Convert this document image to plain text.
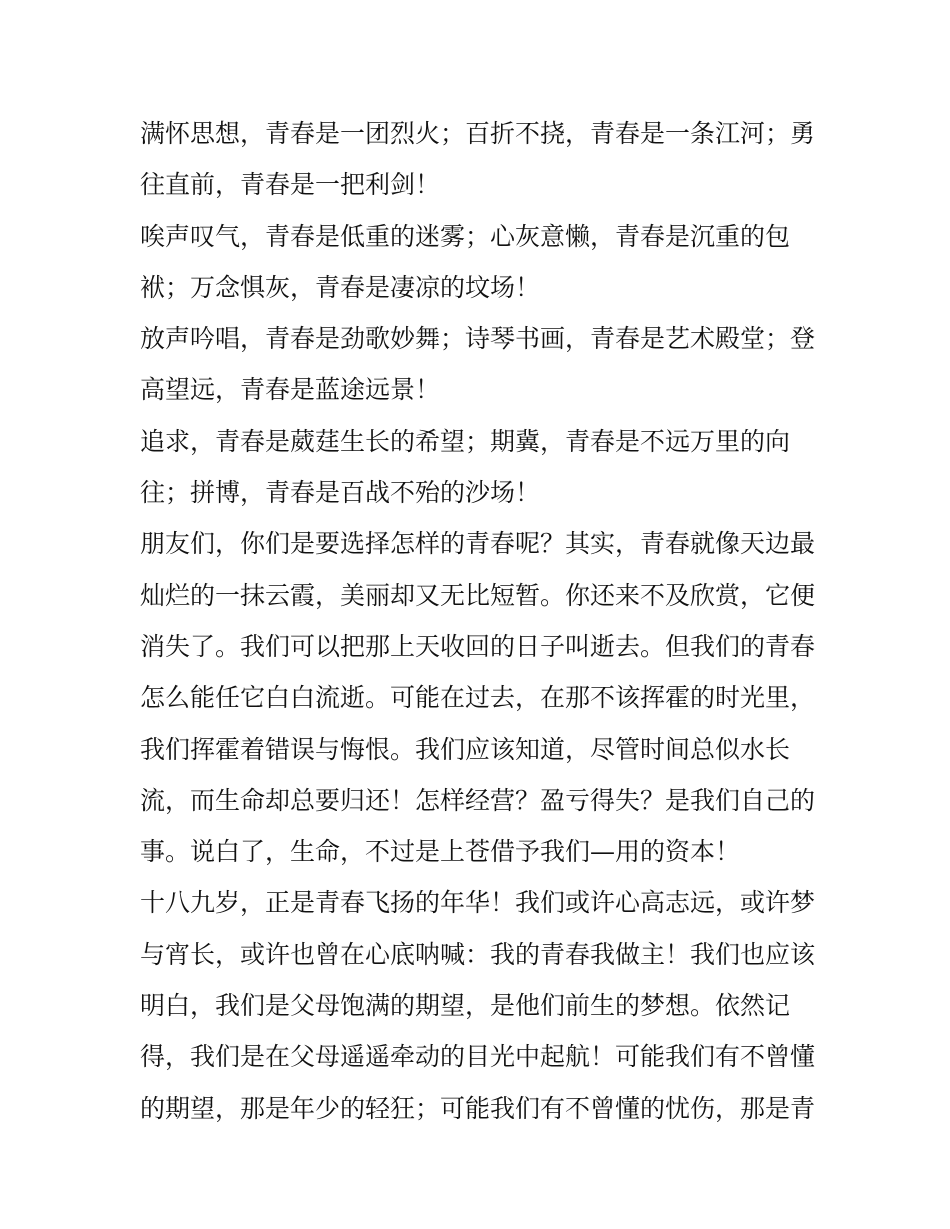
满怀思想，青春是一团烈火；百折不挠，青春是一条江河；勇
往直前，青春是一把利剑！
唉声叹气，青春是低重的迷雾；心灰意懒，青春是沉重的包
袱；万念惧灰，青春是凄凉的坟场！
放声吟唱，青春是劲歌妙舞；诗琴书画，青春是艺术殿堂；登
高望远，青春是蓝途远景！
追求，青春是葳莛生长的希望；期冀，青春是不远万里的向
往；拼博，青春是百战不殆的沙场！
朋友们，你们是要选择怎样的青春呢？其实，青春就像天边最
灿烂的一抹云霞，美丽却又无比短暂。你还来不及欣赏，它便
消失了。我们可以把那上天收回的日子叫逝去。但我们的青春
怎么能任它白白流逝。可能在过去，在那不该挥霍的时光里，
我们挥霍着错误与悔恨。我们应该知道，尽管时间总似水长
流，而生命却总要归还！怎样经营？盈亏得失？是我们自己的
事。说白了，生命，不过是上苍借予我们—用的资本！
十八九岁，正是青春飞扬的年华！我们或许心高志远，或许梦
与宵长，或许也曾在心底呐喊：我的青春我做主！我们也应该
明白，我们是父母饱满的期望，是他们前生的梦想。依然记
得，我们是在父母遥遥牵动的目光中起航！可能我们有不曾懂
的期望，那是年少的轻狂；可能我们有不曾懂的忧伤，那是青
